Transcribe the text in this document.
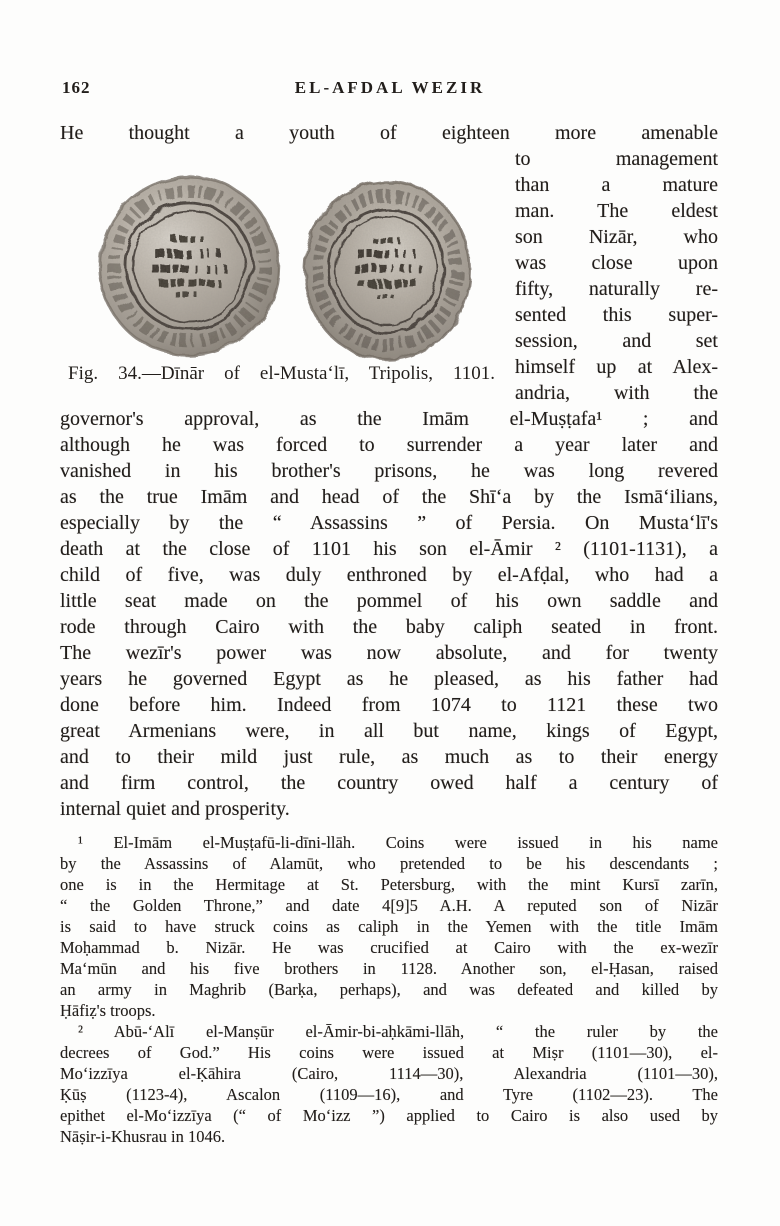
162	EL-AFDAL WEZIR
Fig. 34.—Dīnār of el-Musta‘lī, Tripolis, 1101.
He thought a youth of eighteen more amenable
to management
than a mature
man. The eldest
son Nizār, who
was close upon
fifty, naturally re-
sented this super-
session, and set
himself up at Alex-
andria, with the
governor's approval, as the Imām el-Muṣṭafa¹ ; and
although he was forced to surrender a year later and
vanished in his brother's prisons, he was long revered
as the true Imām and head of the Shī‘a by the Ismā‘ilians,
especially by the “ Assassins ” of Persia. On Musta‘lī's
death at the close of 1101 his son el-Āmir ² (1101-1131), a
child of five, was duly enthroned by el-Afḍal, who had a
little seat made on the pommel of his own saddle and
rode through Cairo with the baby caliph seated in front.
The wezīr's power was now absolute, and for twenty
years he governed Egypt as he pleased, as his father had
done before him. Indeed from 1074 to 1121 these two
great Armenians were, in all but name, kings of Egypt,
and to their mild just rule, as much as to their energy
and firm control, the country owed half a century of
internal quiet and prosperity.
¹ El-Imām el-Muṣṭafū-li-dīni-llāh. Coins were issued in his name
by the Assassins of Alamūt, who pretended to be his descendants ;
one is in the Hermitage at St. Petersburg, with the mint Kursī zarīn,
“ the Golden Throne,” and date 4[9]5 A.H. A reputed son of Nizār
is said to have struck coins as caliph in the Yemen with the title Imām
Moḥammad b. Nizār. He was crucified at Cairo with the ex-wezīr
Ma‘mūn and his five brothers in 1128. Another son, el-Ḥasan, raised
an army in Maghrib (Barḳa, perhaps), and was defeated and killed by
Ḥāfiẓ's troops.
² Abū-‘Alī el-Manṣūr el-Āmir-bi-aḥkāmi-llāh, “ the ruler by the
decrees of God.” His coins were issued at Miṣr (1101—30), el-
Mo‘izzīya el-Ḳāhira (Cairo, 1114—30), Alexandria (1101—30),
Ḳūṣ (1123-4), Ascalon (1109—16), and Tyre (1102—23). The
epithet el-Mo‘izzīya (“ of Mo‘izz ”) applied to Cairo is also used by
Nāṣir-i-Khusrau in 1046.
